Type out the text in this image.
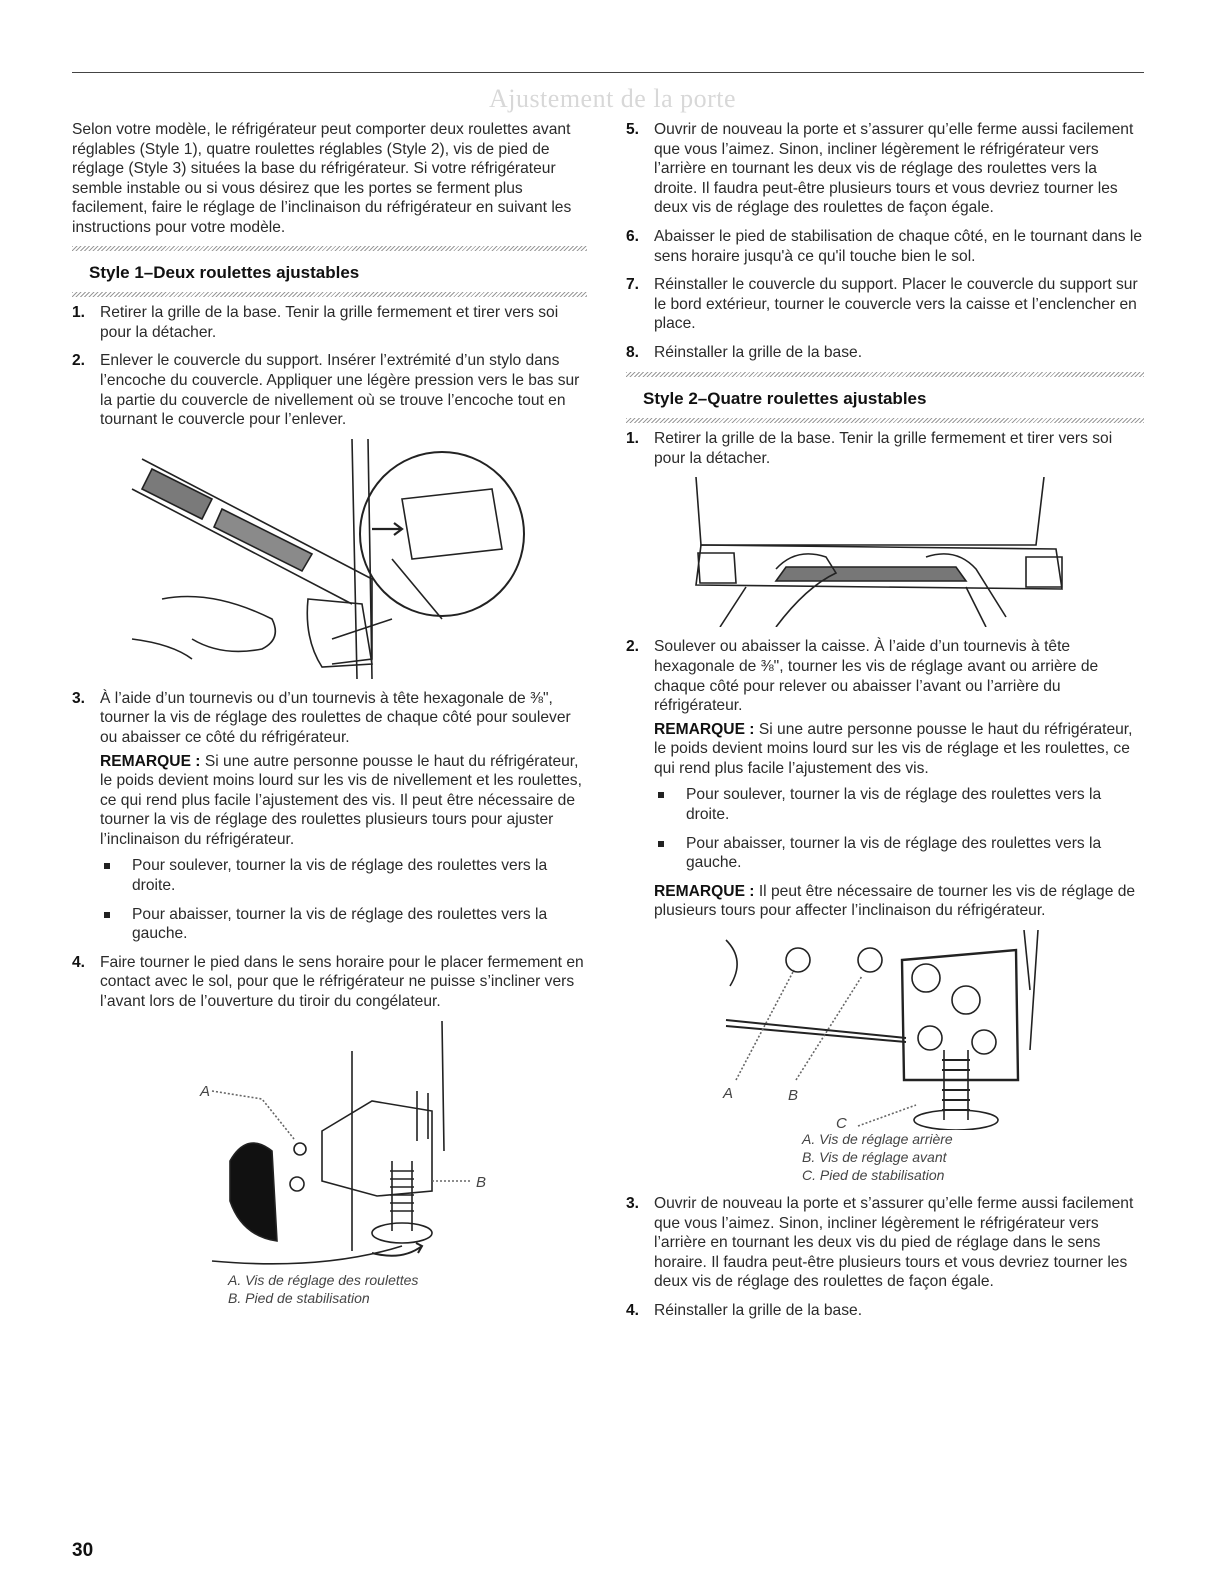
Ajustement de la porte

Selon votre modèle, le réfrigérateur peut comporter deux roulettes avant réglables (Style 1), quatre roulettes réglables (Style 2), vis de pied de réglage (Style 3) situées la base du réfrigérateur. Si votre réfrigérateur semble instable ou si vous désirez que les portes se ferment plus facilement, faire le réglage de l’inclinaison du réfrigérateur en suivant les instructions pour votre modèle.

Style 1–Deux roulettes ajustables
1. Retirer la grille de la base. Tenir la grille fermement et tirer vers soi pour la détacher.
2. Enlever le couvercle du support. Insérer l’extrémité d’un stylo dans l’encoche du couvercle. Appliquer une légère pression vers le bas sur la partie du couvercle de nivellement où se trouve l’encoche tout en tournant le couvercle pour l’enlever.
3. À l’aide d’un tournevis ou d’un tournevis à tête hexagonale de ⅜", tourner la vis de réglage des roulettes de chaque côté pour soulever ou abaisser ce côté du réfrigérateur.

REMARQUE : Si une autre personne pousse le haut du réfrigérateur, le poids devient moins lourd sur les vis de nivellement et les roulettes, ce qui rend plus facile l’ajustement des vis. Il peut être nécessaire de tourner la vis de réglage des roulettes plusieurs tours pour ajuster l’inclinaison du réfrigérateur.

Pour soulever, tourner la vis de réglage des roulettes vers la droite.
Pour abaisser, tourner la vis de réglage des roulettes vers la gauche.
4. Faire tourner le pied dans le sens horaire pour le placer fermement en contact avec le sol, pour que le réfrigérateur ne puisse s’incliner vers l’avant lors de l’ouverture du tiroir du congélateur.
A
B
A. Vis de réglage des roulettes
B. Pied de stabilisation
5. Ouvrir de nouveau la porte et s’assurer qu’elle ferme aussi facilement que vous l’aimez. Sinon, incliner légèrement le réfrigérateur vers l’arrière en tournant les deux vis de réglage des roulettes vers la droite. Il faudra peut-être plusieurs tours et vous devriez tourner les deux vis de réglage des roulettes de façon égale.
6. Abaisser le pied de stabilisation de chaque côté, en le tournant dans le sens horaire jusqu'à ce qu'il touche bien le sol.
7. Réinstaller le couvercle du support. Placer le couvercle du support sur le bord extérieur, tourner le couvercle vers la caisse et l’enclencher en place.
8. Réinstaller la grille de la base.
Style 2–Quatre roulettes ajustables
1. Retirer la grille de la base. Tenir la grille fermement et tirer vers soi pour la détacher.
2. Soulever ou abaisser la caisse. À l’aide d’un tournevis à tête hexagonale de ⅜", tourner les vis de réglage avant ou arrière de chaque côté pour relever ou abaisser l’avant ou l’arrière du réfrigérateur.

REMARQUE : Si une autre personne pousse le haut du réfrigérateur, le poids devient moins lourd sur les vis de réglage et les roulettes, ce qui rend plus facile l’ajustement des vis.

Pour soulever, tourner la vis de réglage des roulettes vers la droite.
Pour abaisser, tourner la vis de réglage des roulettes vers la gauche.

REMARQUE : Il peut être nécessaire de tourner les vis de réglage de plusieurs tours pour affecter l’inclinaison du réfrigérateur.

A	B
C
A. Vis de réglage arrière
B. Vis de réglage avant
C. Pied de stabilisation
3. Ouvrir de nouveau la porte et s’assurer qu’elle ferme aussi facilement que vous l’aimez. Sinon, incliner légèrement le réfrigérateur vers l’arrière en tournant les deux vis du pied de réglage dans le sens horaire. Il faudra peut-être plusieurs tours et vous devriez tourner les deux vis de réglage des roulettes de façon égale.
4. Réinstaller la grille de la base.
30
